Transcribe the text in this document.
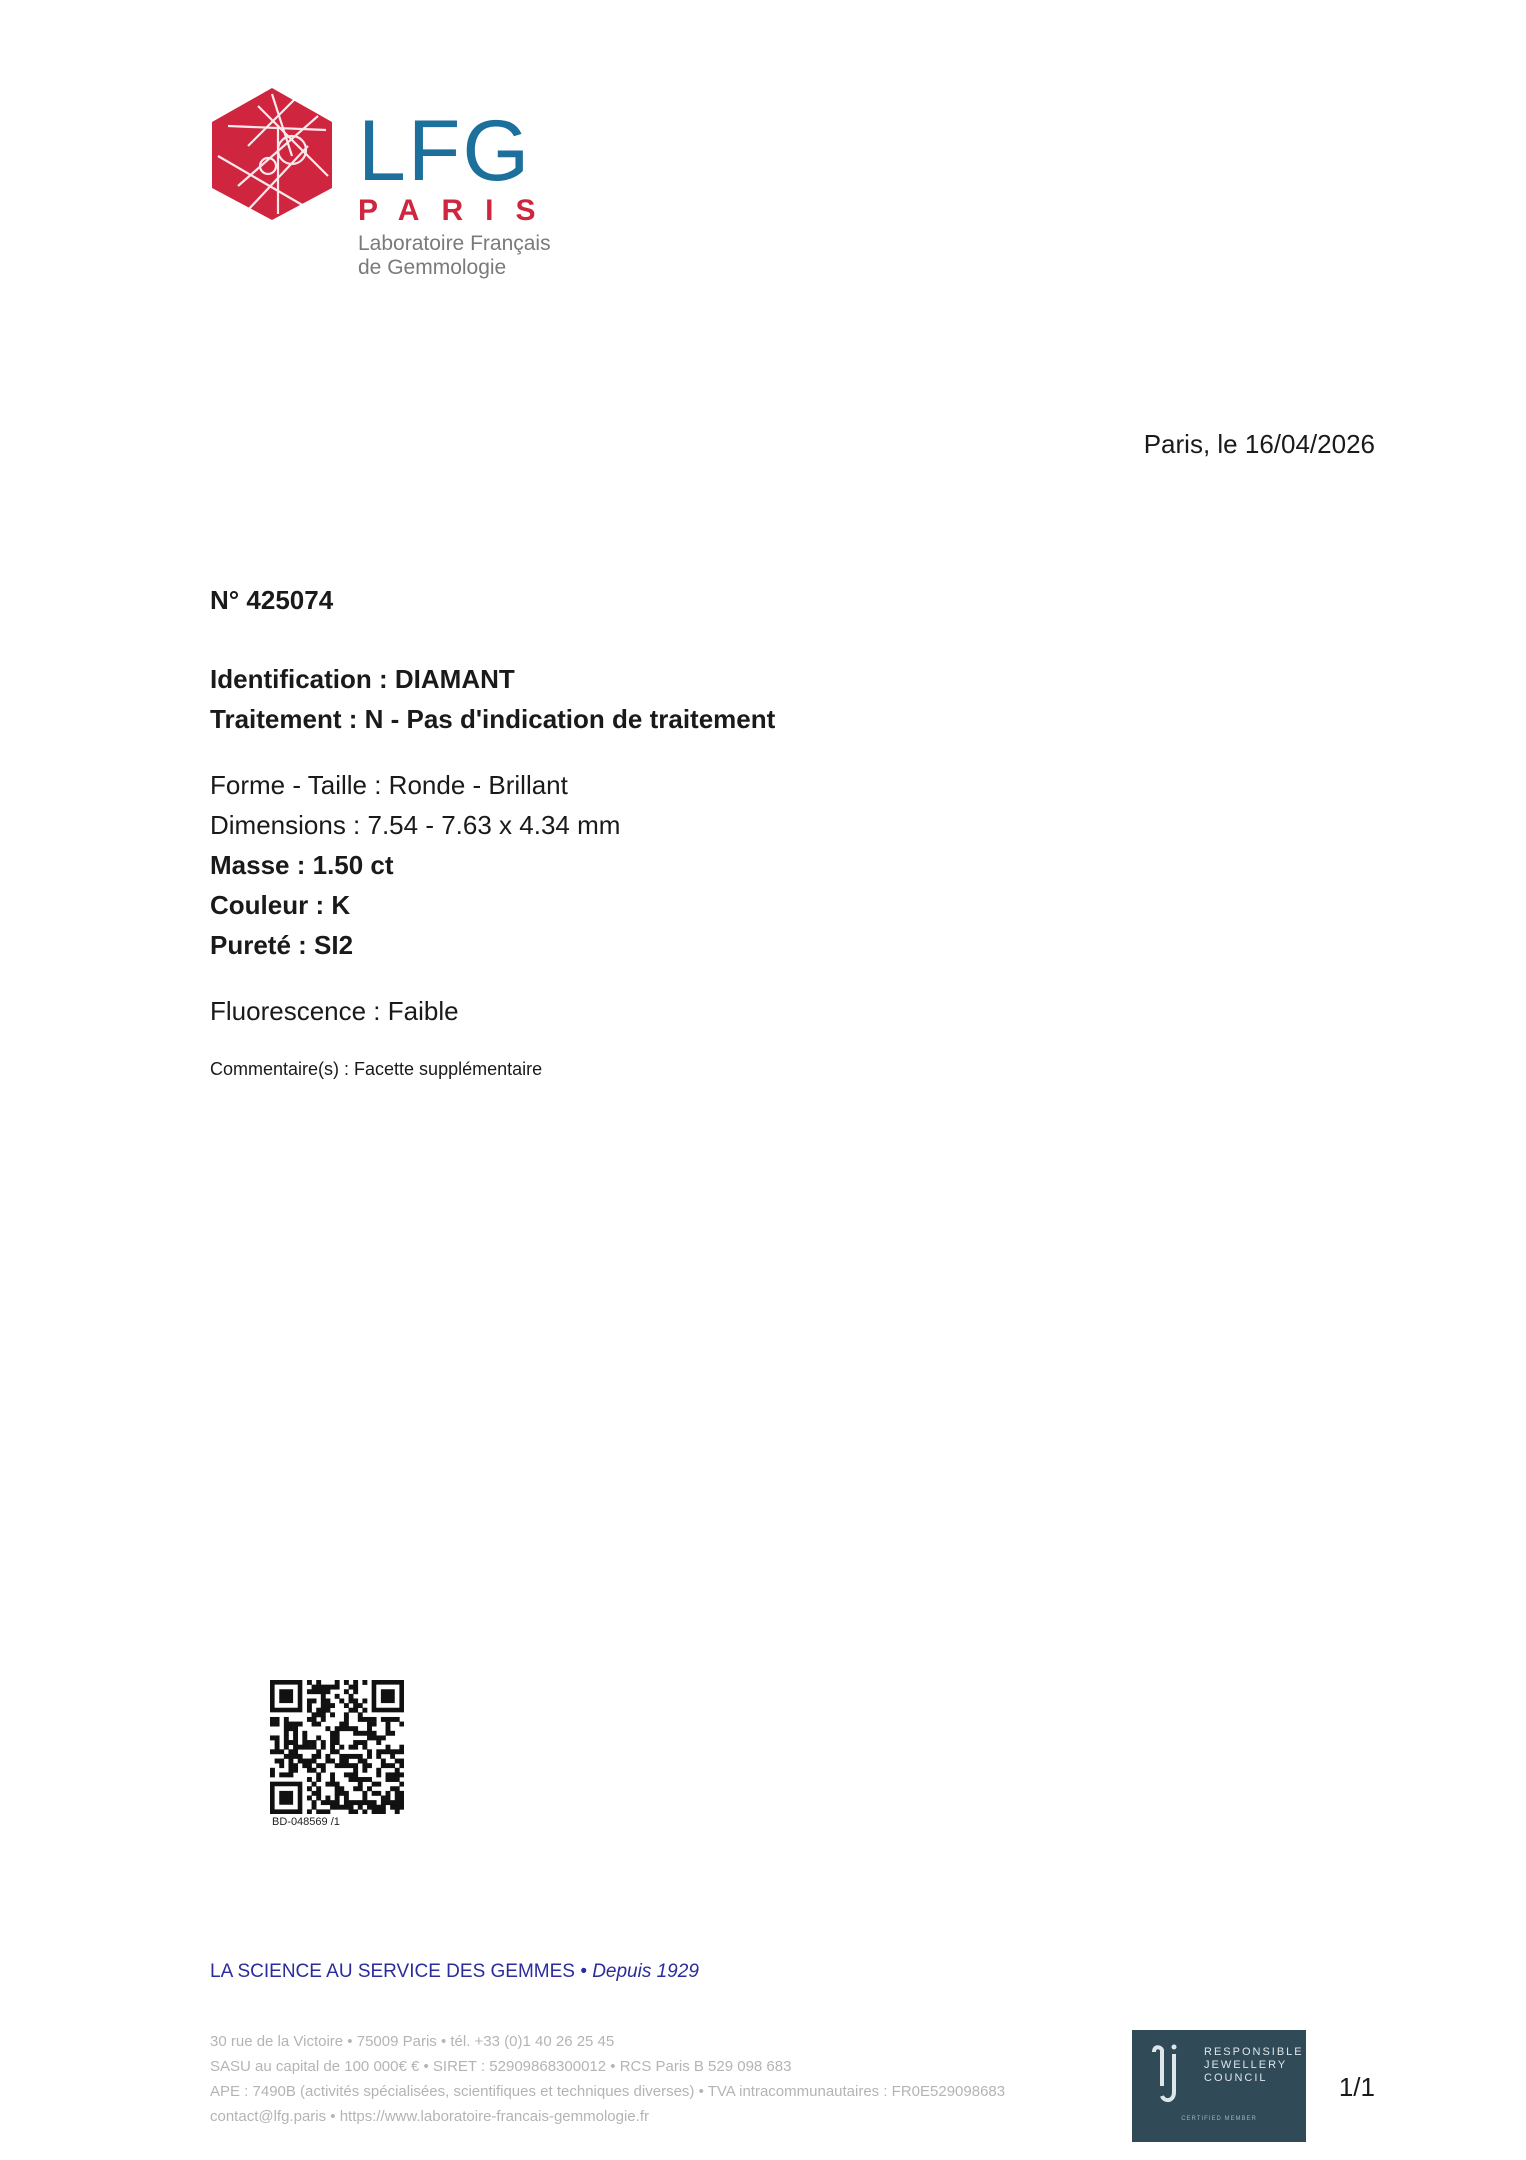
LFG
PARIS
Laboratoire Français
de Gemmologie
Paris, le 16/04/2026
N° 425074
Identification : DIAMANT
Traitement : N - Pas d'indication de traitement
Forme - Taille : Ronde - Brillant
Dimensions : 7.54 - 7.63 x 4.34 mm
Masse : 1.50 ct
Couleur : K
Pureté : SI2
Fluorescence : Faible
Commentaire(s) : Facette supplémentaire
BD-048569 /1
LA SCIENCE AU SERVICE DES GEMMES • Depuis 1929
30 rue de la Victoire • 75009 Paris • tél. +33 (0)1 40 26 25 45
SASU au capital de 100 000€ € • SIRET : 52909868300012 • RCS Paris B 529 098 683
APE : 7490B (activités spécialisées, scientifiques et techniques diverses) • TVA intracommunautaires : FR0E529098683
contact@lfg.paris • https://www.laboratoire-francais-gemmologie.fr
RESPONSIBLE
JEWELLERY
COUNCIL
CERTIFIED MEMBER
1/1
